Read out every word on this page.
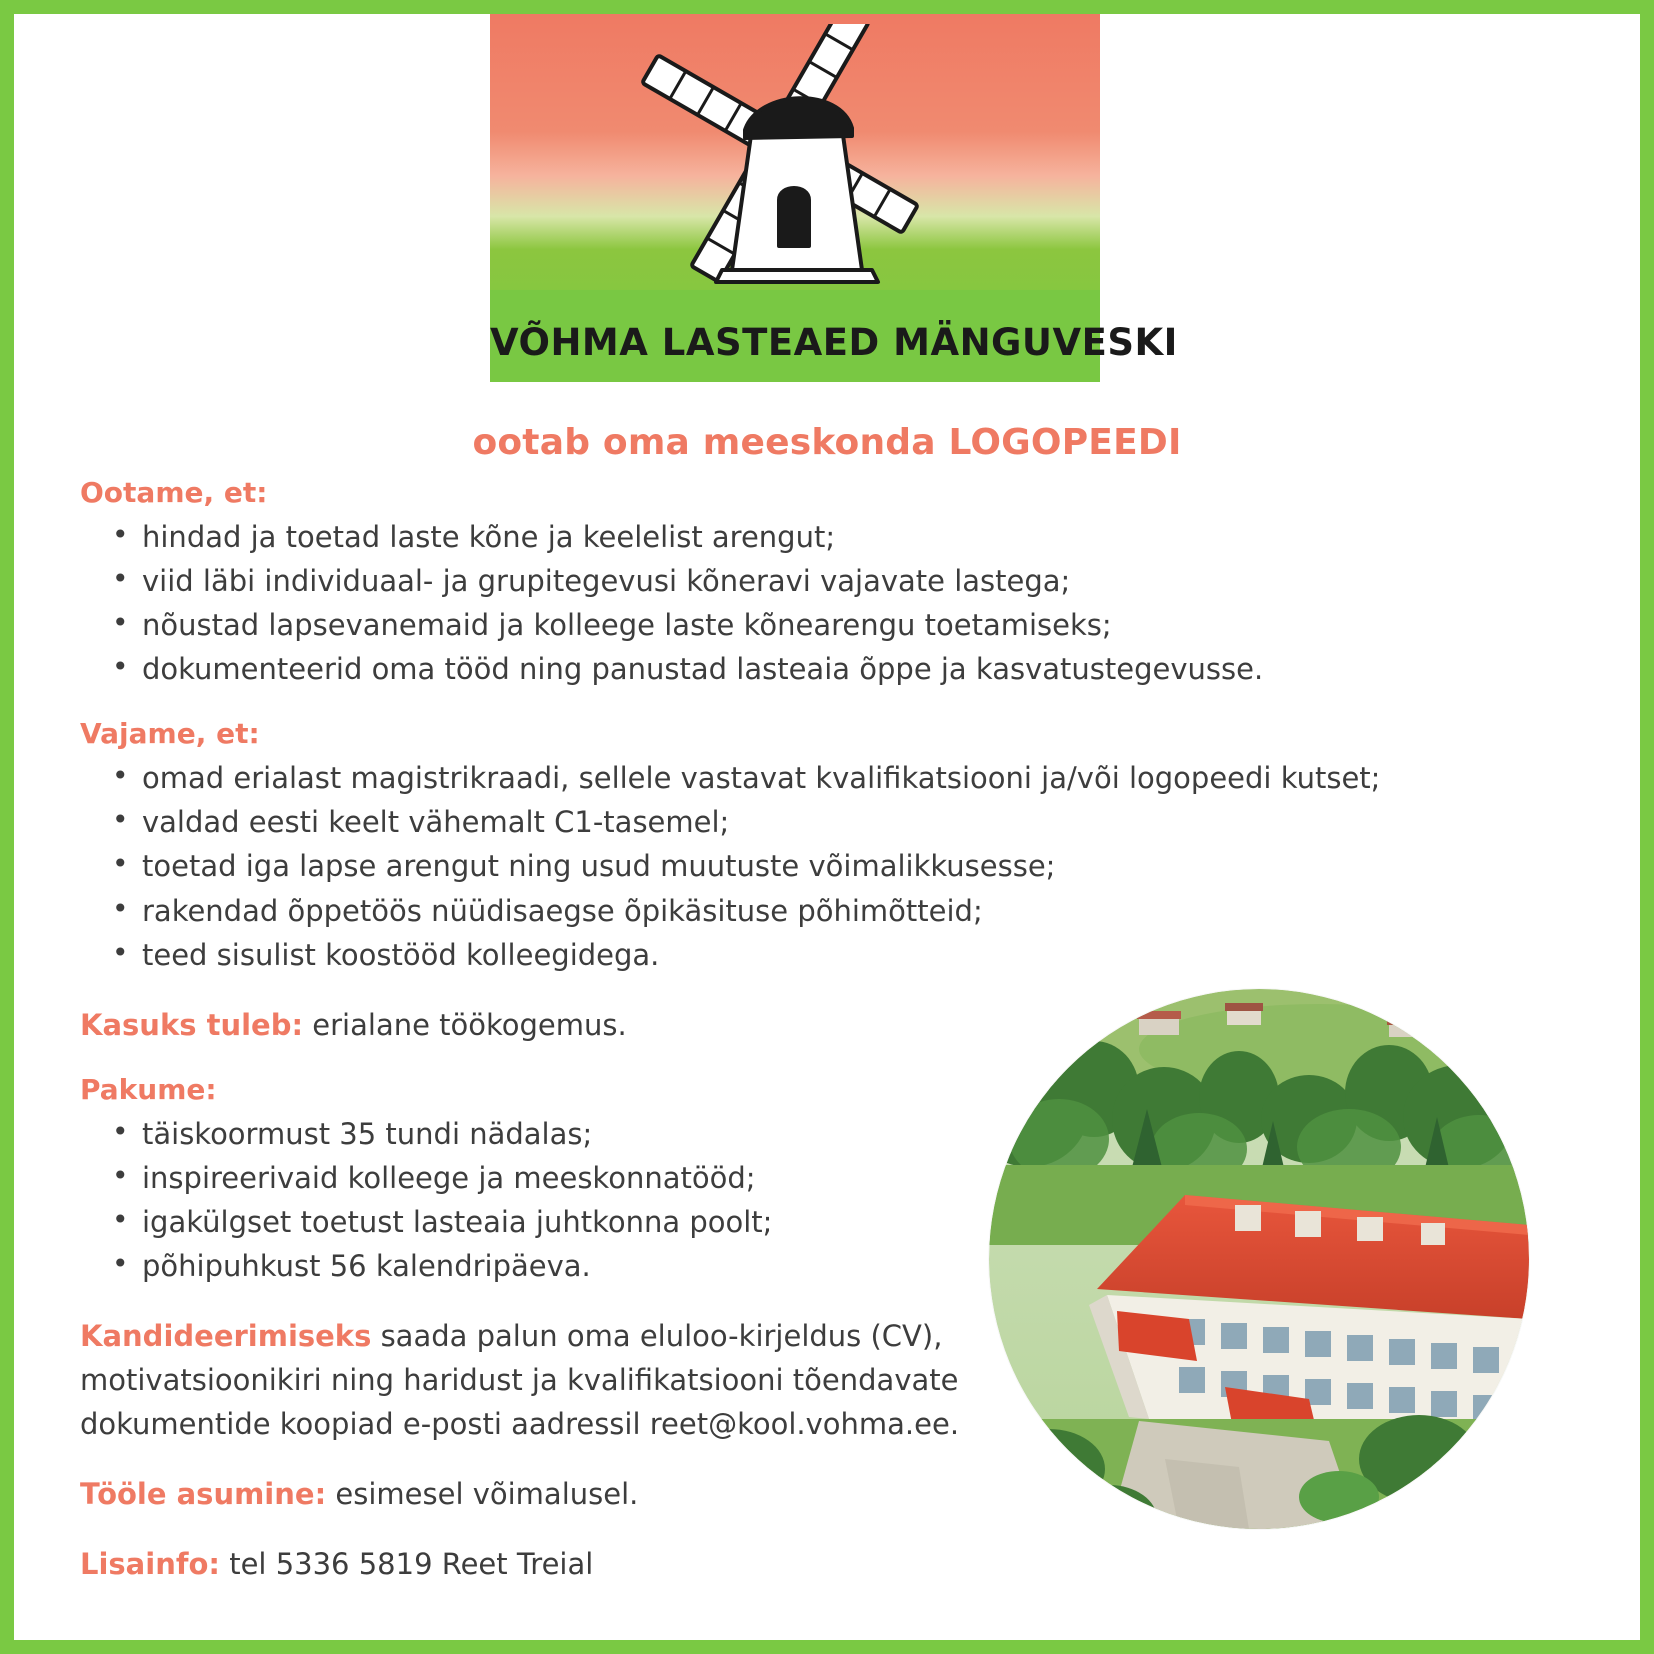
VÕHMA LASTEAED MÄNGUVESKI
ootab oma meeskonda LOGOPEEDI
Ootame, et:
• hindad ja toetad laste kõne ja keelelist arengut;
• viid läbi individuaal- ja grupitegevusi kõneravi vajavate lastega;
• nõustad lapsevanemaid ja kolleege laste kõnearengu toetamiseks;
• dokumenteerid oma tööd ning panustad lasteaia õppe ja kasvatustegevusse.
Vajame, et:
• omad erialast magistrikraadi, sellele vastavat kvalifikatsiooni ja/või logopeedi kutset;
• valdad eesti keelt vähemalt C1-tasemel;
• toetad iga lapse arengut ning usud muutuste võimalikkusesse;
• rakendad õppetöös nüüdisaegse õpikäsituse põhimõtteid;
• teed sisulist koostööd kolleegidega.

Kasuks tuleb: erialane töökogemus.

Pakume:
• täiskoormust 35 tundi nädalas;
• inspireerivaid kolleege ja meeskonnatööd;
• igakülgset toetust lasteaia juhtkonna poolt;
• põhipuhkust 56 kalendripäeva.

Kandideerimiseks saada palun oma eluloo-kirjeldus (CV), motivatsioonikiri ning haridust ja kvalifikatsiooni tõendavate dokumentide koopiad e-posti aadressil reet@kool.vohma.ee.

Tööle asumine: esimesel võimalusel.

Lisainfo: tel 5336 5819 Reet Treial
